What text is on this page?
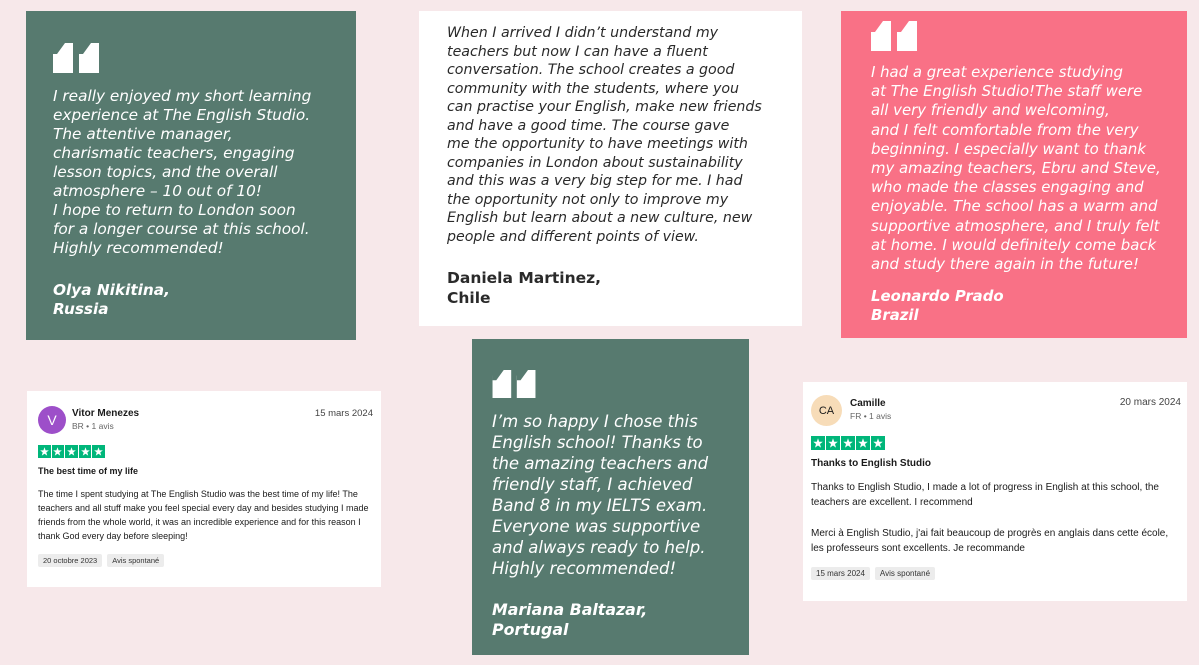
I really enjoyed my short learning
experience at The English Studio.
The attentive manager,
charismatic teachers, engaging
lesson topics, and the overall
atmosphere – 10 out of 10!
I hope to return to London soon
for a longer course at this school.
Highly recommended!
Olya Nikitina,
Russia
When I arrived I didn’t understand my
teachers but now I can have a fluent
conversation. The school creates a good
community with the students, where you
can practise your English, make new friends
and have a good time. The course gave
me the opportunity to have meetings with
companies in London about sustainability
and this was a very big step for me. I had
the opportunity not only to improve my
English but learn about a new culture, new
people and different points of view.
Daniela Martinez,
Chile
I had a great experience studying
at The English Studio!The staff were
all very friendly and welcoming,
and I felt comfortable from the very
beginning. I especially want to thank
my amazing teachers, Ebru and Steve,
who made the classes engaging and
enjoyable. The school has a warm and
supportive atmosphere, and I truly felt
at home. I would definitely come back
and study there again in the future!
Leonardo Prado
Brazil
I’m so happy I chose this
English school! Thanks to
the amazing teachers and
friendly staff, I achieved
Band 8 in my IELTS exam.
Everyone was supportive
and always ready to help.
Highly recommended!
Mariana Baltazar,
Portugal
V	Vitor Menezes
BR • 1 avis
15 mars 2024
The best time of my life
The time I spent studying at The English Studio was the best time of my life! The teachers and all stuff make you feel special every day and besides studying I made friends from the whole world, it was an incredible experience and for this reason I thank God every day before sleeping!
20 octobre 2023	Avis spontané
CA
Camille
FR • 1 avis
20 mars 2024
Thanks to English Studio
Thanks to English Studio, I made a lot of progress in English at this school, the teachers are excellent. I recommend
Merci à English Studio, j'ai fait beaucoup de progrès en anglais dans cette école, les professeurs sont excellents. Je recommande
15 mars 2024	Avis spontané
